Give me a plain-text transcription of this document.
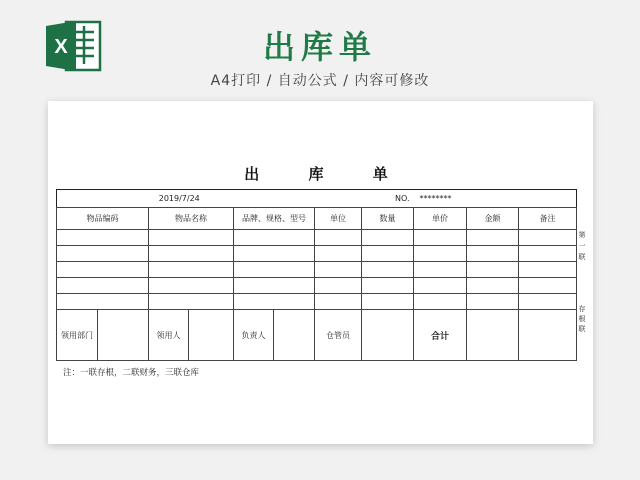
X	出库单
A4打印 / 自动公式 / 内容可修改
出 库 单
2019/7/24							NO.	********		
物品编码		物品名称		品牌、规格、型号		单位	数量	单价	金额	备注

领用部门		领用人		负责人		仓管员		合计		
第
一
联
存
根
联
注：一联存根，二联财务，三联仓库
